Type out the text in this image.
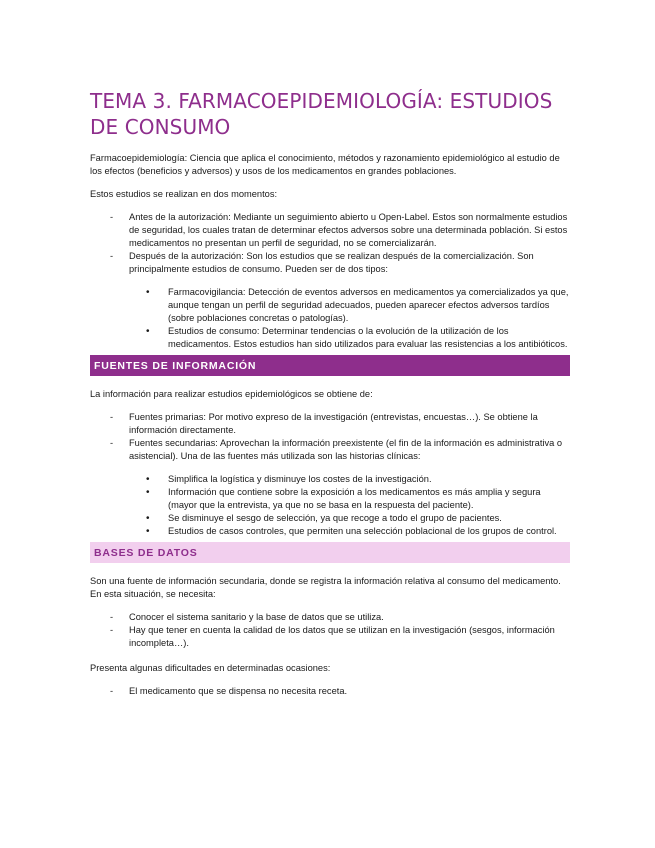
TEMA 3. FARMACOEPIDEMIOLOGÍA: ESTUDIOS DE CONSUMO

Farmacoepidemiología: Ciencia que aplica el conocimiento, métodos y razonamiento epidemiológico al estudio de los efectos (beneficios y adversos) y usos de los medicamentos en grandes poblaciones.

Estos estudios se realizan en dos momentos:

- Antes de la autorización: Mediante un seguimiento abierto u Open-Label. Estos son normalmente estudios de seguridad, los cuales tratan de determinar efectos adversos sobre una determinada población. Si estos medicamentos no presentan un perfil de seguridad, no se comercializarán.
- Después de la autorización: Son los estudios que se realizan después de la comercialización. Son principalmente estudios de consumo. Pueden ser de dos tipos:
• Farmacovigilancia: Detección de eventos adversos en medicamentos ya comercializados ya que, aunque tengan un perfil de seguridad adecuados, pueden aparecer efectos adversos tardíos (sobre poblaciones concretas o patologías).
• Estudios de consumo: Determinar tendencias o la evolución de la utilización de los medicamentos. Estos estudios han sido utilizados para evaluar las resistencias a los antibióticos.
FUENTES DE INFORMACIÓN

La información para realizar estudios epidemiológicos se obtiene de:

- Fuentes primarias: Por motivo expreso de la investigación (entrevistas, encuestas…). Se obtiene la información directamente.
- Fuentes secundarias: Aprovechan la información preexistente (el fin de la información es administrativa o asistencial). Una de las fuentes más utilizada son las historias clínicas:
• Simplifica la logística y disminuye los costes de la investigación.
• Información que contiene sobre la exposición a los medicamentos es más amplia y segura (mayor que la entrevista, ya que no se basa en la respuesta del paciente).
• Se disminuye el sesgo de selección, ya que recoge a todo el grupo de pacientes.
• Estudios de casos controles, que permiten una selección poblacional de los grupos de control.
BASES DE DATOS

Son una fuente de información secundaria, donde se registra la información relativa al consumo del medicamento. En esta situación, se necesita:

- Conocer el sistema sanitario y la base de datos que se utiliza.
- Hay que tener en cuenta la calidad de los datos que se utilizan en la investigación (sesgos, información incompleta…).

Presenta algunas dificultades en determinadas ocasiones:

- El medicamento que se dispensa no necesita receta.
